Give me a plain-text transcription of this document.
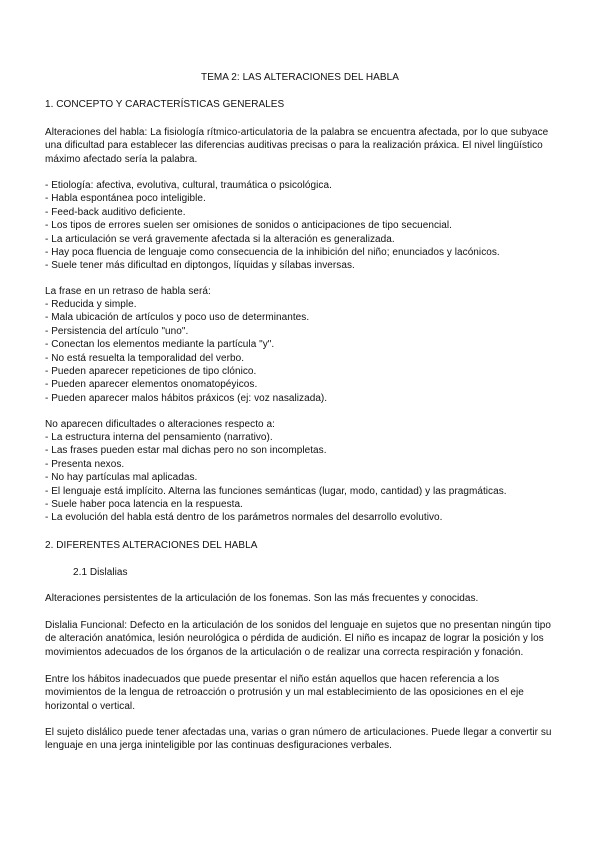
TEMA 2: LAS ALTERACIONES DEL HABLA
1. CONCEPTO Y CARACTERÍSTICAS GENERALES
Alteraciones del habla: La fisiología rítmico-articulatoria de la palabra se encuentra afectada, por lo que subyace una dificultad para establecer las diferencias auditivas precisas o para la realización práxica. El nivel lingüístico máximo afectado sería la palabra.
- Etiología: afectiva, evolutiva, cultural, traumática o psicológica.
- Habla espontánea poco inteligible.
- Feed-back auditivo deficiente.
- Los tipos de errores suelen ser omisiones de sonidos o anticipaciones de tipo secuencial.
- La articulación se verá gravemente afectada si la alteración es generalizada.
- Hay poca fluencia de lenguaje como consecuencia de la inhibición del niño; enunciados y lacónicos.
- Suele tener más dificultad en diptongos, líquidas y sílabas inversas.
La frase en un retraso de habla será:
- Reducida y simple.
- Mala ubicación de artículos y poco uso de determinantes.
- Persistencia del artículo "uno".
- Conectan los elementos mediante la partícula "y".
- No está resuelta la temporalidad del verbo.
- Pueden aparecer repeticiones de tipo clónico.
- Pueden aparecer elementos onomatopéyicos.
- Pueden aparecer malos hábitos práxicos (ej: voz nasalizada).
No aparecen dificultades o alteraciones respecto a:
- La estructura interna del pensamiento (narrativo).
- Las frases pueden estar mal dichas pero no son incompletas.
- Presenta nexos.
- No hay partículas mal aplicadas.
- El lenguaje está implícito. Alterna las funciones semánticas (lugar, modo, cantidad) y las pragmáticas.
- Suele haber poca latencia en la respuesta.
- La evolución del habla está dentro de los parámetros normales del desarrollo evolutivo.
2. DIFERENTES ALTERACIONES DEL HABLA
2.1 Dislalias
Alteraciones persistentes de la articulación de los fonemas. Son las más frecuentes y conocidas.
Dislalia Funcional: Defecto en la articulación de los sonidos del lenguaje en sujetos que no presentan ningún tipo de alteración anatómica, lesión neurológica o pérdida de audición. El niño es incapaz de lograr la posición y los movimientos adecuados de los órganos de la articulación o de realizar una correcta respiración y fonación.
Entre los hábitos inadecuados que puede presentar el niño están aquellos que hacen referencia a los movimientos de la lengua de retroacción o protrusión y un mal establecimiento de las oposiciones en el eje horizontal o vertical.
El sujeto dislálico puede tener afectadas una, varias o gran número de articulaciones. Puede llegar a convertir su lenguaje en una jerga ininteligible por las continuas desfiguraciones verbales.
